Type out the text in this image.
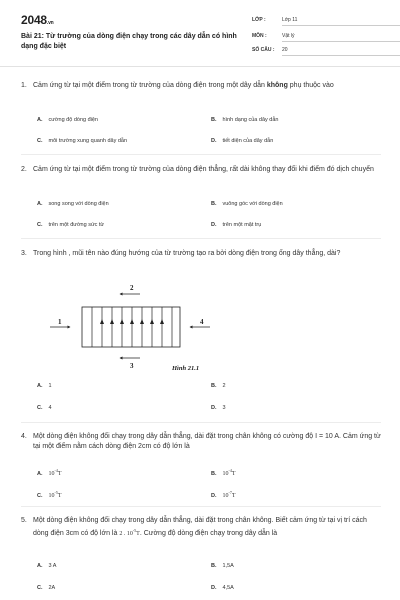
2048.vn
Bài 21: Từ trường của dòng điện chạy trong các dây dẫn có hình dạng đặc biệt
LỚP :	Lớp 11
MÔN :	Vật lý
SỐ CÂU : 20
1. Cảm ứng từ tại một điểm trong từ trường của dòng điện trong một dây dẫn không phụ thuộc vào
A. cường độ dòng điện	B. hình dạng của dây dẫn
C. môi trường xung quanh dây dẫn	D. tiết diện của dây dẫn
2. Cảm ứng từ tại một điểm trong từ trường của dòng điện thẳng, rất dài không thay đổi khi điểm đó dịch chuyển
A. song song với dòng điện	B. vuông góc với dòng điện
C. trên một đường sức từ	D. trên một mặt trụ
3. Trong hình , mũi tên nào đúng hướng của từ trường tạo ra bởi dòng điện trong ống dây thẳng, dài?
1
2
3
4
Hình 21.1
A. 1	B. 2
C. 4	D. 3
4. Một dòng điện không đổi chạy trong dây dẫn thẳng, dài đặt trong chân không có cường độ I = 10 A. Cảm ứng từ tại một điểm nằm cách dòng điện 2cm có độ lớn là
A. $10^{-4}T$	B. $10^{-4}T$
C. $10^{-5}T$	D. $10^{-7}T$
5. Một dòng điện không đổi chạy trong dây dẫn thẳng, dài đặt trong chân không. Biết cảm ứng từ tại vị trí cách dòng điện 3cm có độ lớn là 2 . $10^{-5}T$. Cường độ dòng điện chạy trong dây dẫn là
A. 3 A	B. 1,5A
C. 2A	D. 4,5A
